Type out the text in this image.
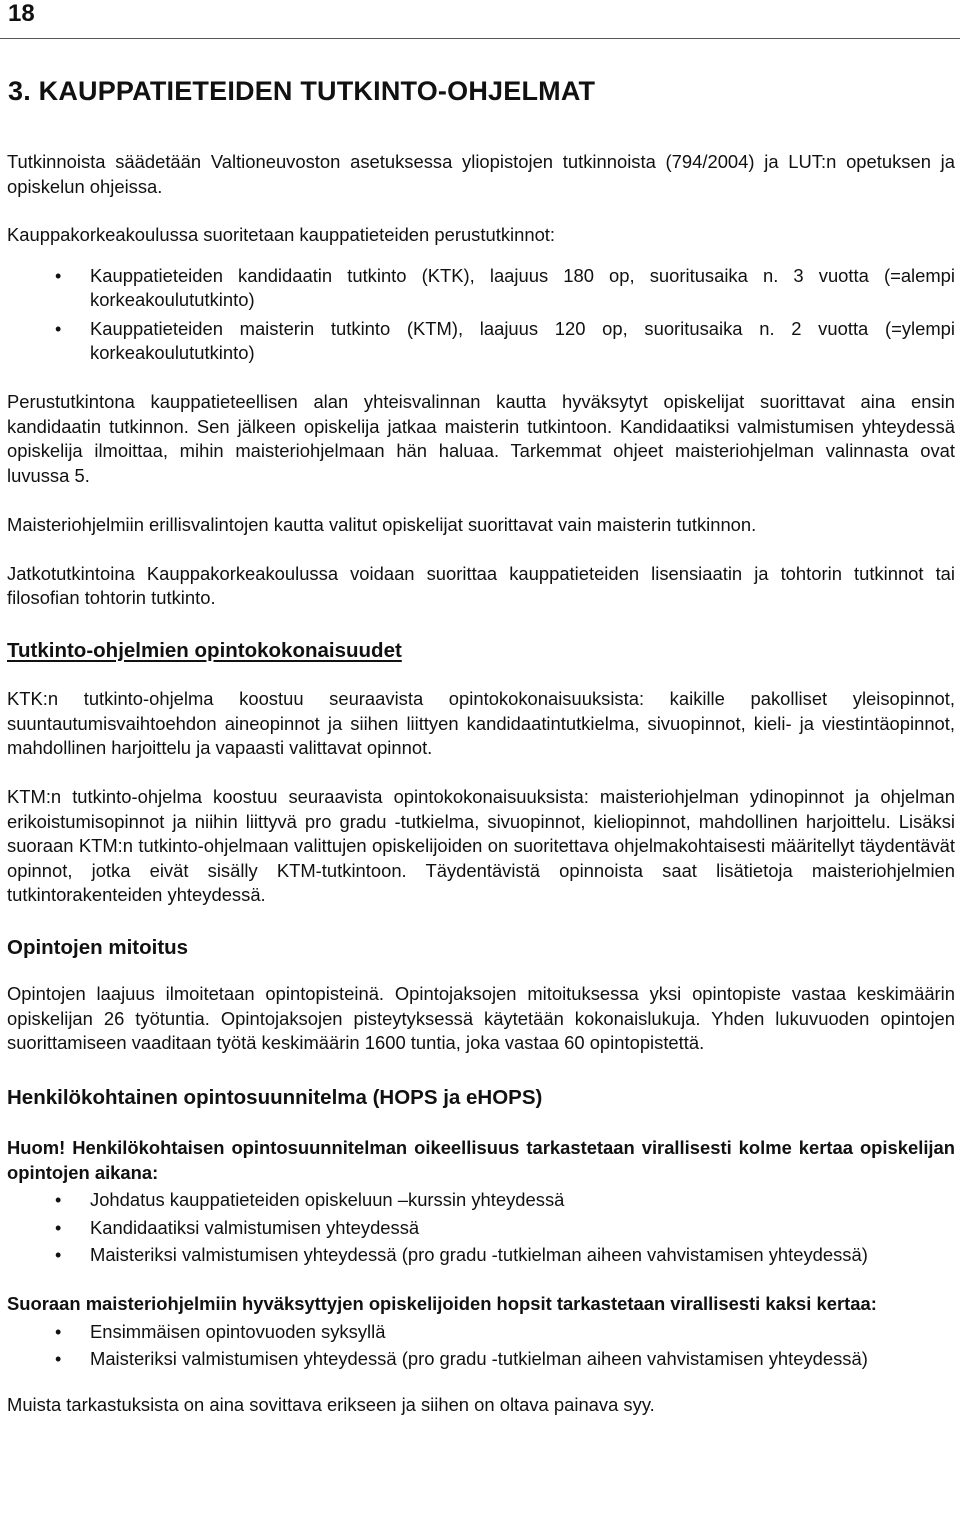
18
3. KAUPPATIETEIDEN TUTKINTO-OHJELMAT

Tutkinnoista säädetään Valtioneuvoston asetuksessa yliopistojen tutkinnoista (794/2004) ja LUT:n opetuksen ja opiskelun ohjeissa.

Kauppakorkeakoulussa suoritetaan kauppatieteiden perustutkinnot:

• Kauppatieteiden kandidaatin tutkinto (KTK), laajuus 180 op, suoritusaika n. 3 vuotta (=alempi korkeakoulututkinto)
• Kauppatieteiden maisterin tutkinto (KTM), laajuus 120 op, suoritusaika n. 2 vuotta (=ylempi korkeakoulututkinto)

Perustutkintona kauppatieteellisen alan yhteisvalinnan kautta hyväksytyt opiskelijat suorittavat aina ensin kandidaatin tutkinnon. Sen jälkeen opiskelija jatkaa maisterin tutkintoon. Kandidaatiksi valmistumisen yhteydessä opiskelija ilmoittaa, mihin maisteriohjelmaan hän haluaa. Tarkemmat ohjeet maisteriohjelman valinnasta ovat luvussa 5.

Maisteriohjelmiin erillisvalintojen kautta valitut opiskelijat suorittavat vain maisterin tutkinnon.

Jatkotutkintoina Kauppakorkeakoulussa voidaan suorittaa kauppatieteiden lisensiaatin ja tohtorin tutkinnot tai filosofian tohtorin tutkinto.

Tutkinto-ohjelmien opintokokonaisuudet

KTK:n tutkinto-ohjelma koostuu seuraavista opintokokonaisuuksista: kaikille pakolliset yleisopinnot, suuntautumisvaihtoehdon aineopinnot ja siihen liittyen kandidaatintutkielma, sivuopinnot, kieli- ja viestintäopinnot, mahdollinen harjoittelu ja vapaasti valittavat opinnot.

KTM:n tutkinto-ohjelma koostuu seuraavista opintokokonaisuuksista: maisteriohjelman ydinopinnot ja ohjelman erikoistumisopinnot ja niihin liittyvä pro gradu -tutkielma, sivuopinnot, kieliopinnot, mahdollinen harjoittelu. Lisäksi suoraan KTM:n tutkinto-ohjelmaan valittujen opiskelijoiden on suoritettava ohjelmakohtaisesti määritellyt täydentävät opinnot, jotka eivät sisälly KTM-tutkintoon. Täydentävistä opinnoista saat lisätietoja maisteriohjelmien tutkintorakenteiden yhteydessä.

Opintojen mitoitus

Opintojen laajuus ilmoitetaan opintopisteinä. Opintojaksojen mitoituksessa yksi opintopiste vastaa keskimäärin opiskelijan 26 työtuntia. Opintojaksojen pisteytyksessä käytetään kokonaislukuja. Yhden lukuvuoden opintojen suorittamiseen vaaditaan työtä keskimäärin 1600 tuntia, joka vastaa 60 opintopistettä.

Henkilökohtainen opintosuunnitelma (HOPS ja eHOPS)

Huom! Henkilökohtaisen opintosuunnitelman oikeellisuus tarkastetaan virallisesti kolme kertaa opiskelijan opintojen aikana:

• Johdatus kauppatieteiden opiskeluun –kurssin yhteydessä
• Kandidaatiksi valmistumisen yhteydessä
• Maisteriksi valmistumisen yhteydessä (pro gradu -tutkielman aiheen vahvistamisen yhteydessä)

Suoraan maisteriohjelmiin hyväksyttyjen opiskelijoiden hopsit tarkastetaan virallisesti kaksi kertaa:

• Ensimmäisen opintovuoden syksyllä
• Maisteriksi valmistumisen yhteydessä (pro gradu -tutkielman aiheen vahvistamisen yhteydessä)

Muista tarkastuksista on aina sovittava erikseen ja siihen on oltava painava syy.
